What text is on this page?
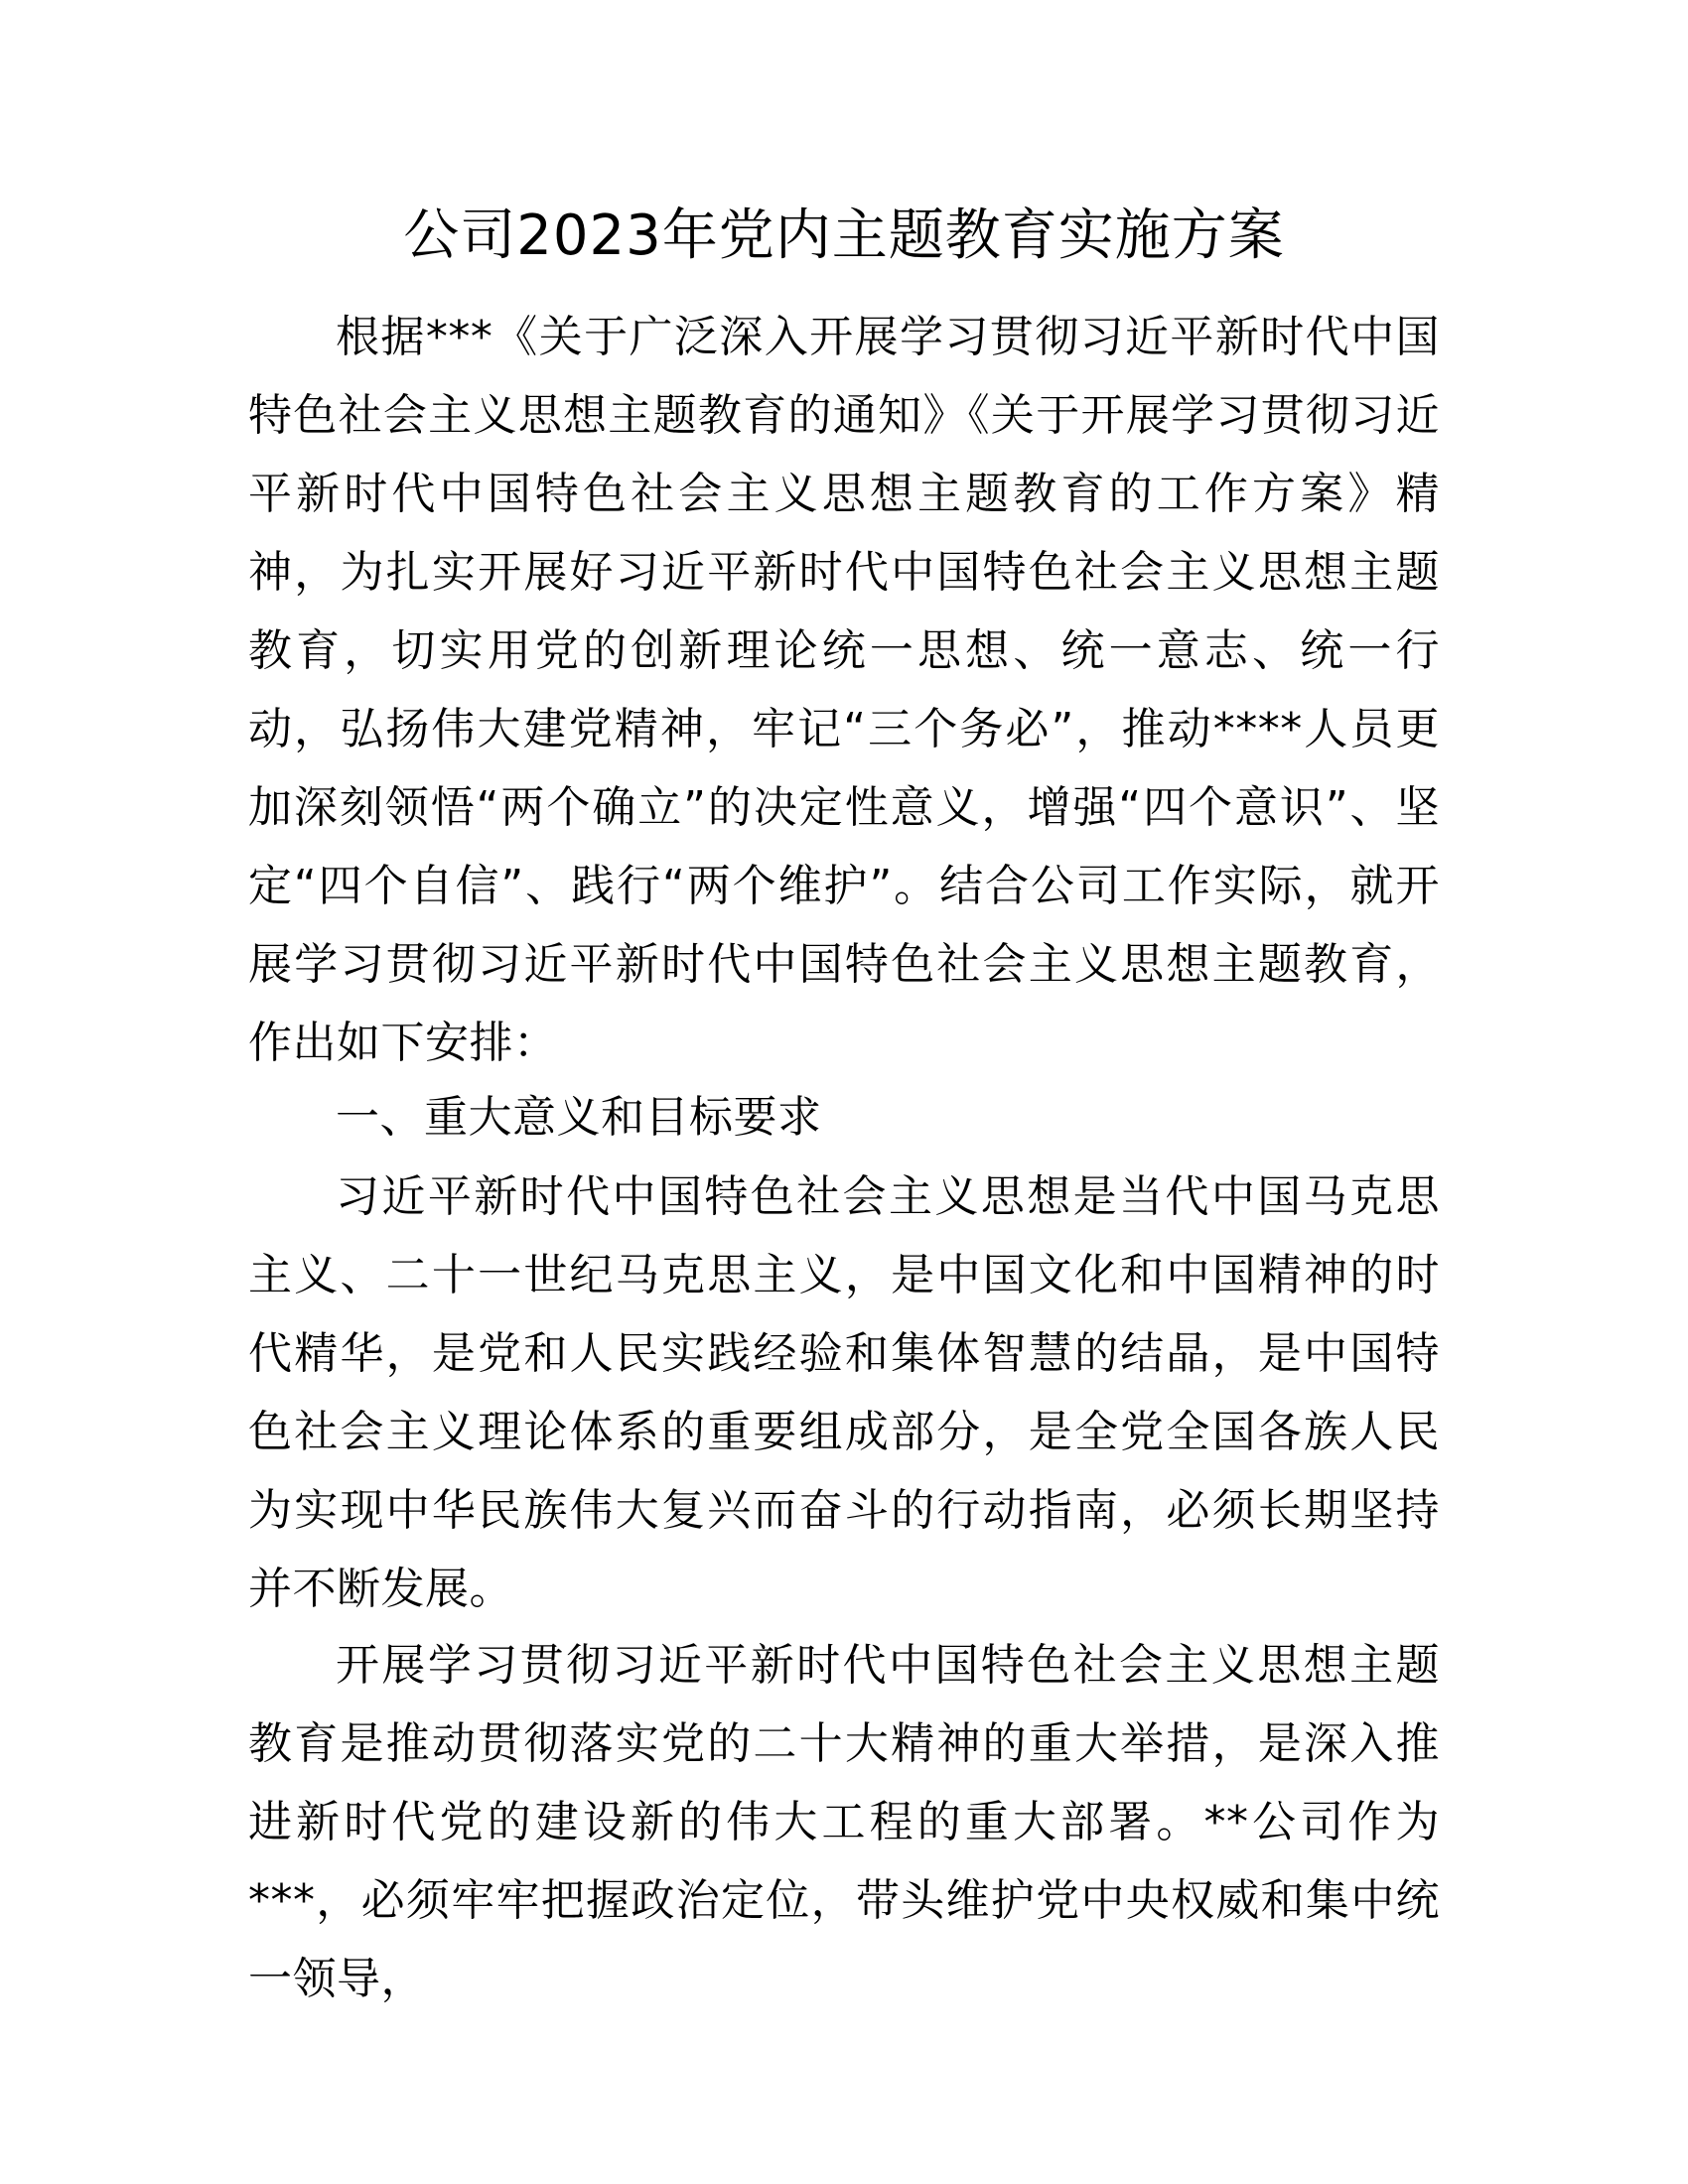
公司2023年党内主题教育实施方案

根据***《关于广泛深入开展学习贯彻习近平新时代中国特色社会主义思想主题教育的通知》《关于开展学习贯彻习近平新时代中国特色社会主义思想主题教育的工作方案》精神，为扎实开展好习近平新时代中国特色社会主义思想主题教育，切实用党的创新理论统一思想、统一意志、统一行动，弘扬伟大建党精神，牢记“三个务必”，推动****人员更加深刻领悟“两个确立”的决定性意义，增强“四个意识”、坚定“四个自信”、践行“两个维护”。结合公司工作实际，就开展学习贯彻习近平新时代中国特色社会主义思想主题教育，作出如下安排：

一、重大意义和目标要求

习近平新时代中国特色社会主义思想是当代中国马克思主义、二十一世纪马克思主义，是中国文化和中国精神的时代精华，是党和人民实践经验和集体智慧的结晶，是中国特色社会主义理论体系的重要组成部分，是全党全国各族人民为实现中华民族伟大复兴而奋斗的行动指南，必须长期坚持并不断发展。

开展学习贯彻习近平新时代中国特色社会主义思想主题教育是推动贯彻落实党的二十大精神的重大举措，是深入推进新时代党的建设新的伟大工程的重大部署。**公司作为***，必须牢牢把握政治定位，带头维护党中央权威和集中统一领导，
